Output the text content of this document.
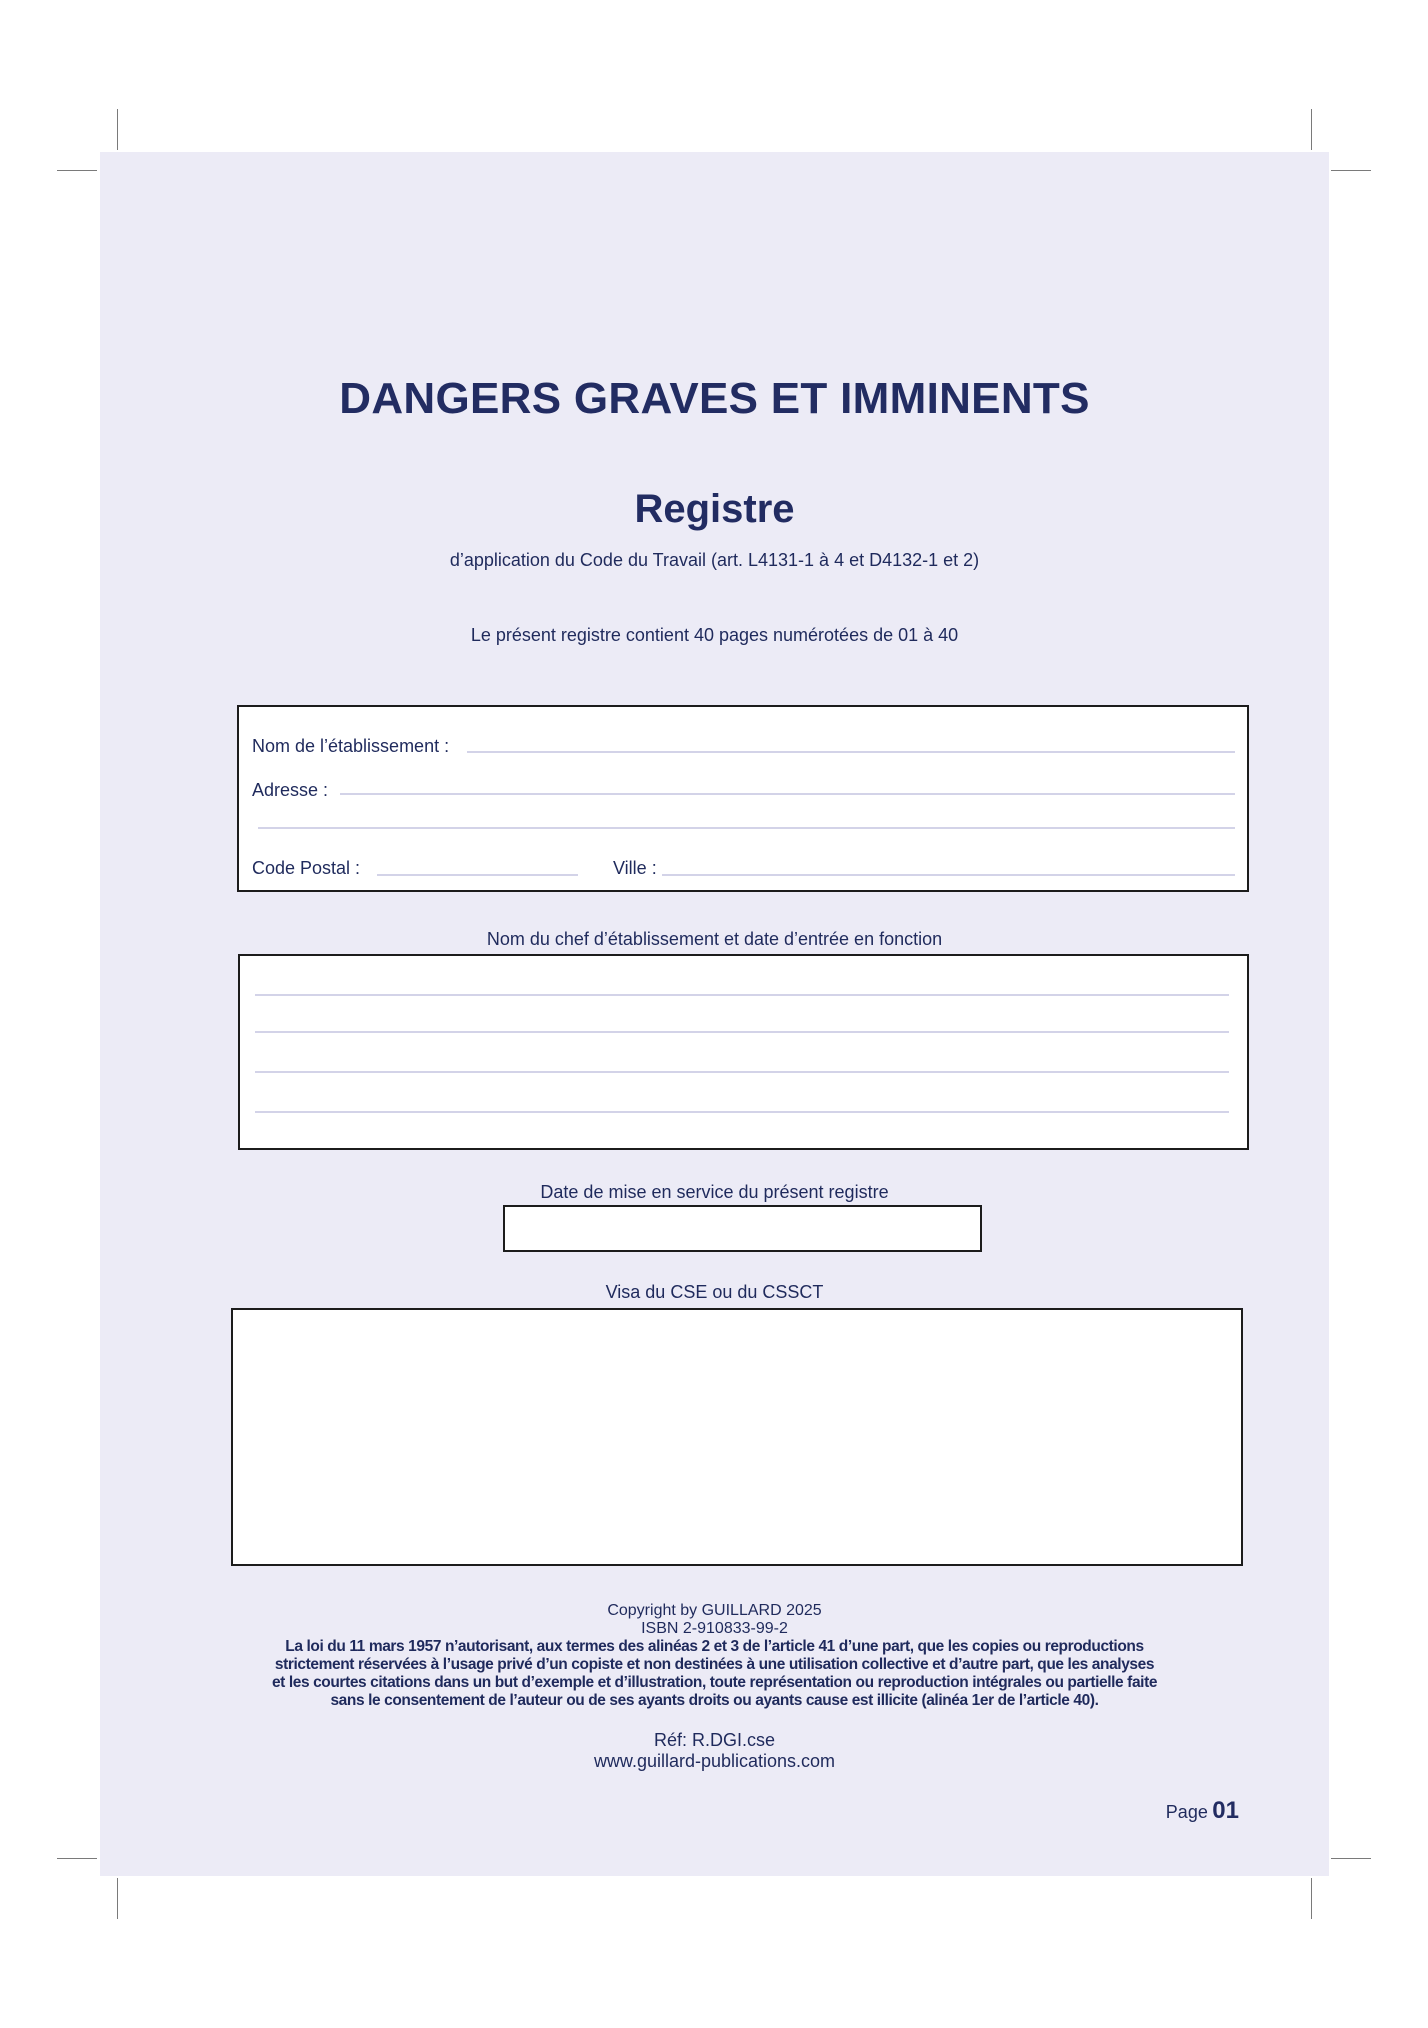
DANGERS GRAVES ET IMMINENTS
Registre
d’application du Code du Travail (art. L4131-1 à 4 et D4132-1 et 2)
Le présent registre contient 40 pages numérotées de 01 à 40
Nom de l’établissement :
Adresse :
Code Postal :	Ville :
Nom du chef d’établissement et date d’entrée en fonction
Date de mise en service du présent registre
Visa du CSE ou du CSSCT
Copyright by GUILLARD 2025
ISBN 2-910833-99-2
La loi du 11 mars 1957 n’autorisant, aux termes des alinéas 2 et 3 de l’article 41 d’une part, que les copies ou reproductions
strictement réservées à l’usage privé d’un copiste et non destinées à une utilisation collective et d’autre part, que les analyses
et les courtes citations dans un but d’exemple et d’illustration, toute représentation ou reproduction intégrales ou partielle faite
sans le consentement de l’auteur ou de ses ayants droits ou ayants cause est illicite (alinéa 1er de l’article 40).
Réf: R.DGI.cse
www.guillard-publications.com
Page 01
